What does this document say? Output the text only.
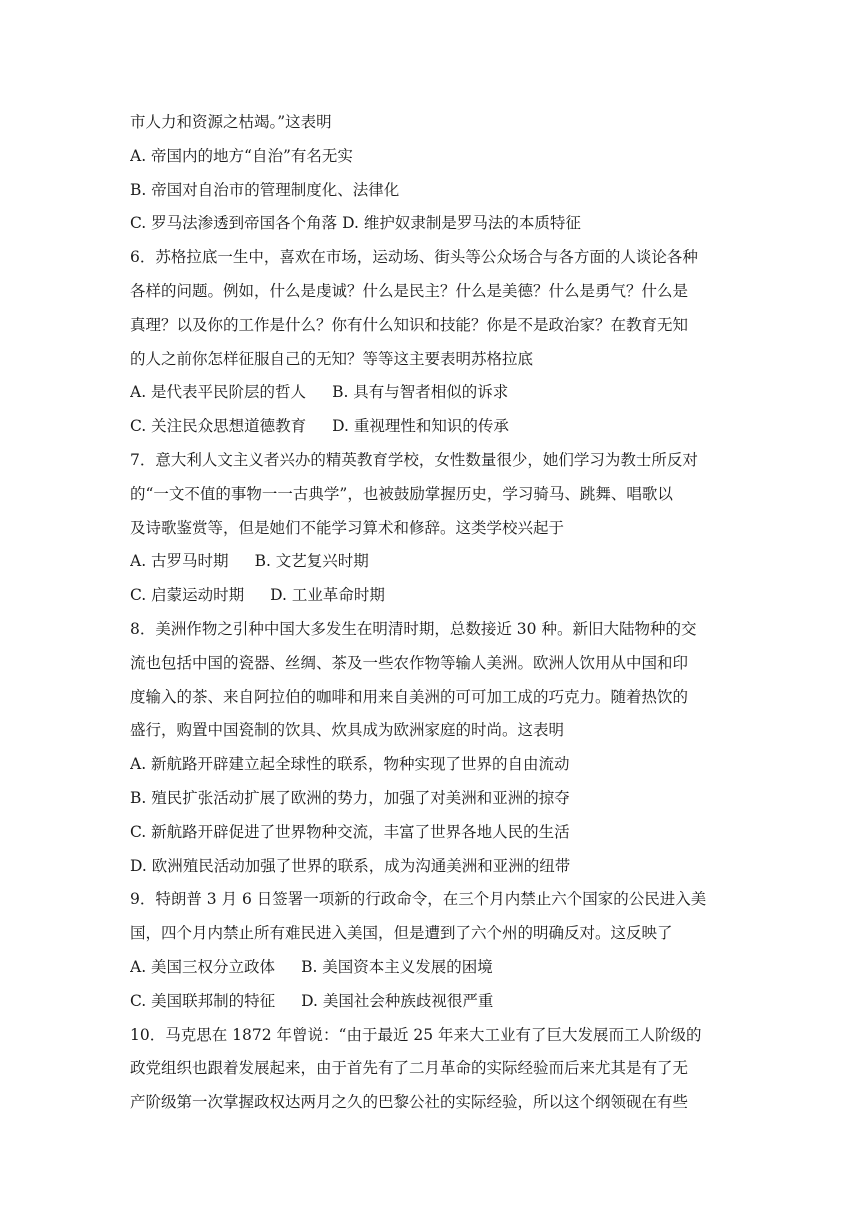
市人力和资源之枯竭。”这表明
A. 帝国内的地方“自治”有名无实
B. 帝国对自治市的管理制度化、法律化
C. 罗马法渗透到帝国各个角落 D. 维护奴隶制是罗马法的本质特征
6．苏格拉底一生中，喜欢在市场，运动场、街头等公众场合与各方面的人谈论各种
各样的问题。例如，什么是虔诚？什么是民主？什么是美德？什么是勇气？什么是
真理？以及你的工作是什么？你有什么知识和技能？你是不是政治家？在教育无知
的人之前你怎样征服自己的无知？等等这主要表明苏格拉底
A. 是代表平民阶层的哲人 B. 具有与智者相似的诉求
C. 关注民众思想道德教育 D. 重视理性和知识的传承
7．意大利人文主义者兴办的精英教育学校，女性数量很少，她们学习为教士所反对
的“一文不值的事物一一古典学”，也被鼓励掌握历史，学习骑马、跳舞、唱歌以
及诗歌鉴赏等，但是她们不能学习算术和修辞。这类学校兴起于
A. 古罗马时期 B. 文艺复兴时期
C. 启蒙运动时期 D. 工业革命时期
8．美洲作物之引种中国大多发生在明清时期，总数接近 30 种。新旧大陆物种的交
流也包括中国的瓷器、丝绸、茶及一些农作物等输人美洲。欧洲人饮用从中国和印
度输入的茶、来自阿拉伯的咖啡和用来自美洲的可可加工成的巧克力。随着热饮的
盛行，购置中国瓷制的饮具、炊具成为欧洲家庭的时尚。这表明
A. 新航路开辟建立起全球性的联系，物种实现了世界的自由流动
B. 殖民扩张活动扩展了欧洲的势力，加强了对美洲和亚洲的掠夺
C. 新航路开辟促进了世界物种交流，丰富了世界各地人民的生活
D. 欧洲殖民活动加强了世界的联系，成为沟通美洲和亚洲的纽带
9．特朗普 3 月 6 日签署一项新的行政命令，在三个月内禁止六个国家的公民进入美
国，四个月内禁止所有难民进入美国，但是遭到了六个州的明确反对。这反映了
A. 美国三权分立政体 B. 美国资本主义发展的困境
C. 美国联邦制的特征 D. 美国社会种族歧视很严重
10．马克思在 1872 年曾说：“由于最近 25 年来大工业有了巨大发展而工人阶级的
政党组织也跟着发展起来，由于首先有了二月革命的实际经验而后来尤其是有了无
产阶级第一次掌握政权达两月之久的巴黎公社的实际经验，所以这个纲领砚在有些
